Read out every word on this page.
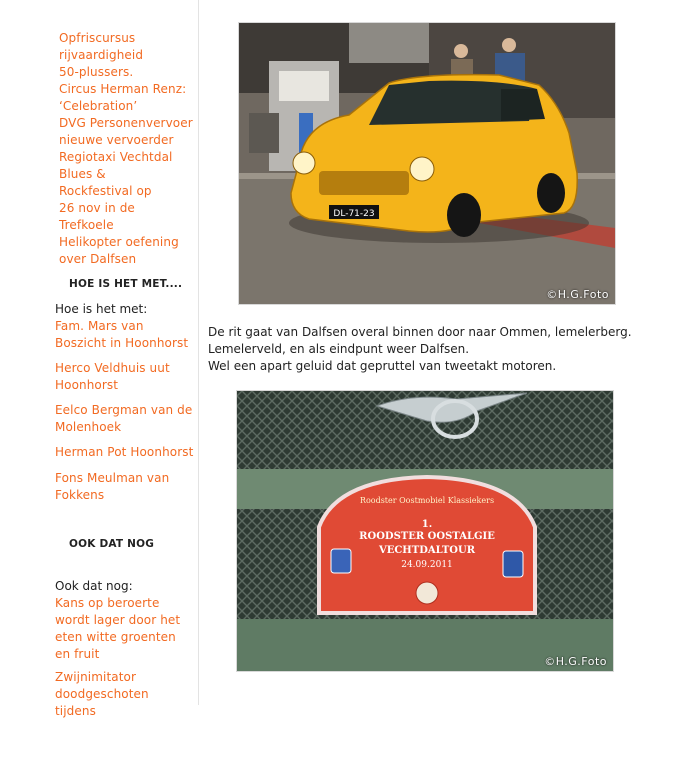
Opfriscursus rijvaardigheid 50-plussers.
Circus Herman Renz: ‘Celebration’
DVG Personenvervoer nieuwe vervoerder Regiotaxi Vechtdal
Blues & Rockfestival op 26 nov in de Trefkoele
Helikopter oefening over Dalfsen
HOE IS HET MET....
Hoe is het met:
Fam. Mars van Boszicht in Hoonhorst
Herco Veldhuis uut Hoonhorst
Eelco Bergman van de Molenhoek
Herman Pot Hoonhorst
Fons Meulman van Fokkens
OOK DAT NOG
Ook dat nog:
Kans op beroerte wordt lager door het eten witte groenten en fruit
Zwijnimitator doodgeschoten tijdens
DL-71-23
©H.G.Foto
De rit gaat van Dalfsen overal binnen door naar Ommen, lemelerberg.
Lemelerveld, en als eindpunt weer Dalfsen.
Wel een apart geluid dat gepruttel van tweetakt motoren.
Roodster Oostmobiel Klassiekers
1.
ROODSTER OOSTALGIE
VECHTDALTOUR
24.09.2011
©H.G.Foto
